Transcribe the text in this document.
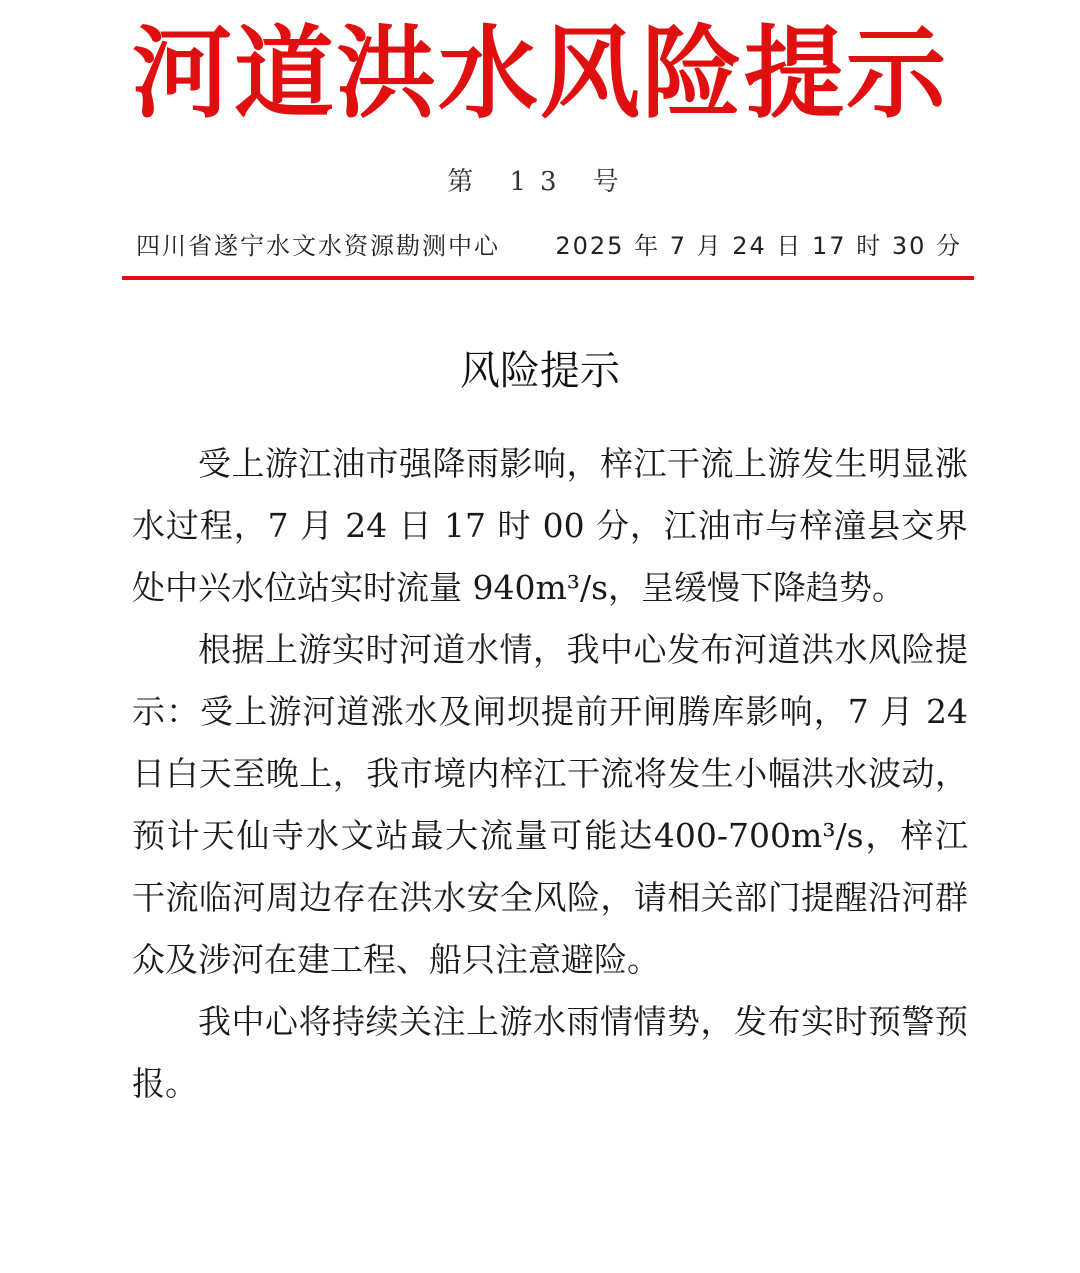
河道洪水风险提示
第 13 号
四川省遂宁水文水资源勘测中心 2025 年 7 月 24 日 17 时 30 分
风险提示

受上游江油市强降雨影响，梓江干流上游发生明显涨水过程，7 月 24 日 17 时 00 分，江油市与梓潼县交界处中兴水位站实时流量 940m³/s，呈缓慢下降趋势。

根据上游实时河道水情，我中心发布河道洪水风险提示：受上游河道涨水及闸坝提前开闸腾库影响，7 月 24 日白天至晚上，我市境内梓江干流将发生小幅洪水波动，预计天仙寺水文站最大流量可能达400-700m³/s，梓江干流临河周边存在洪水安全风险，请相关部门提醒沿河群众及涉河在建工程、船只注意避险。

我中心将持续关注上游水雨情情势，发布实时预警预报。
